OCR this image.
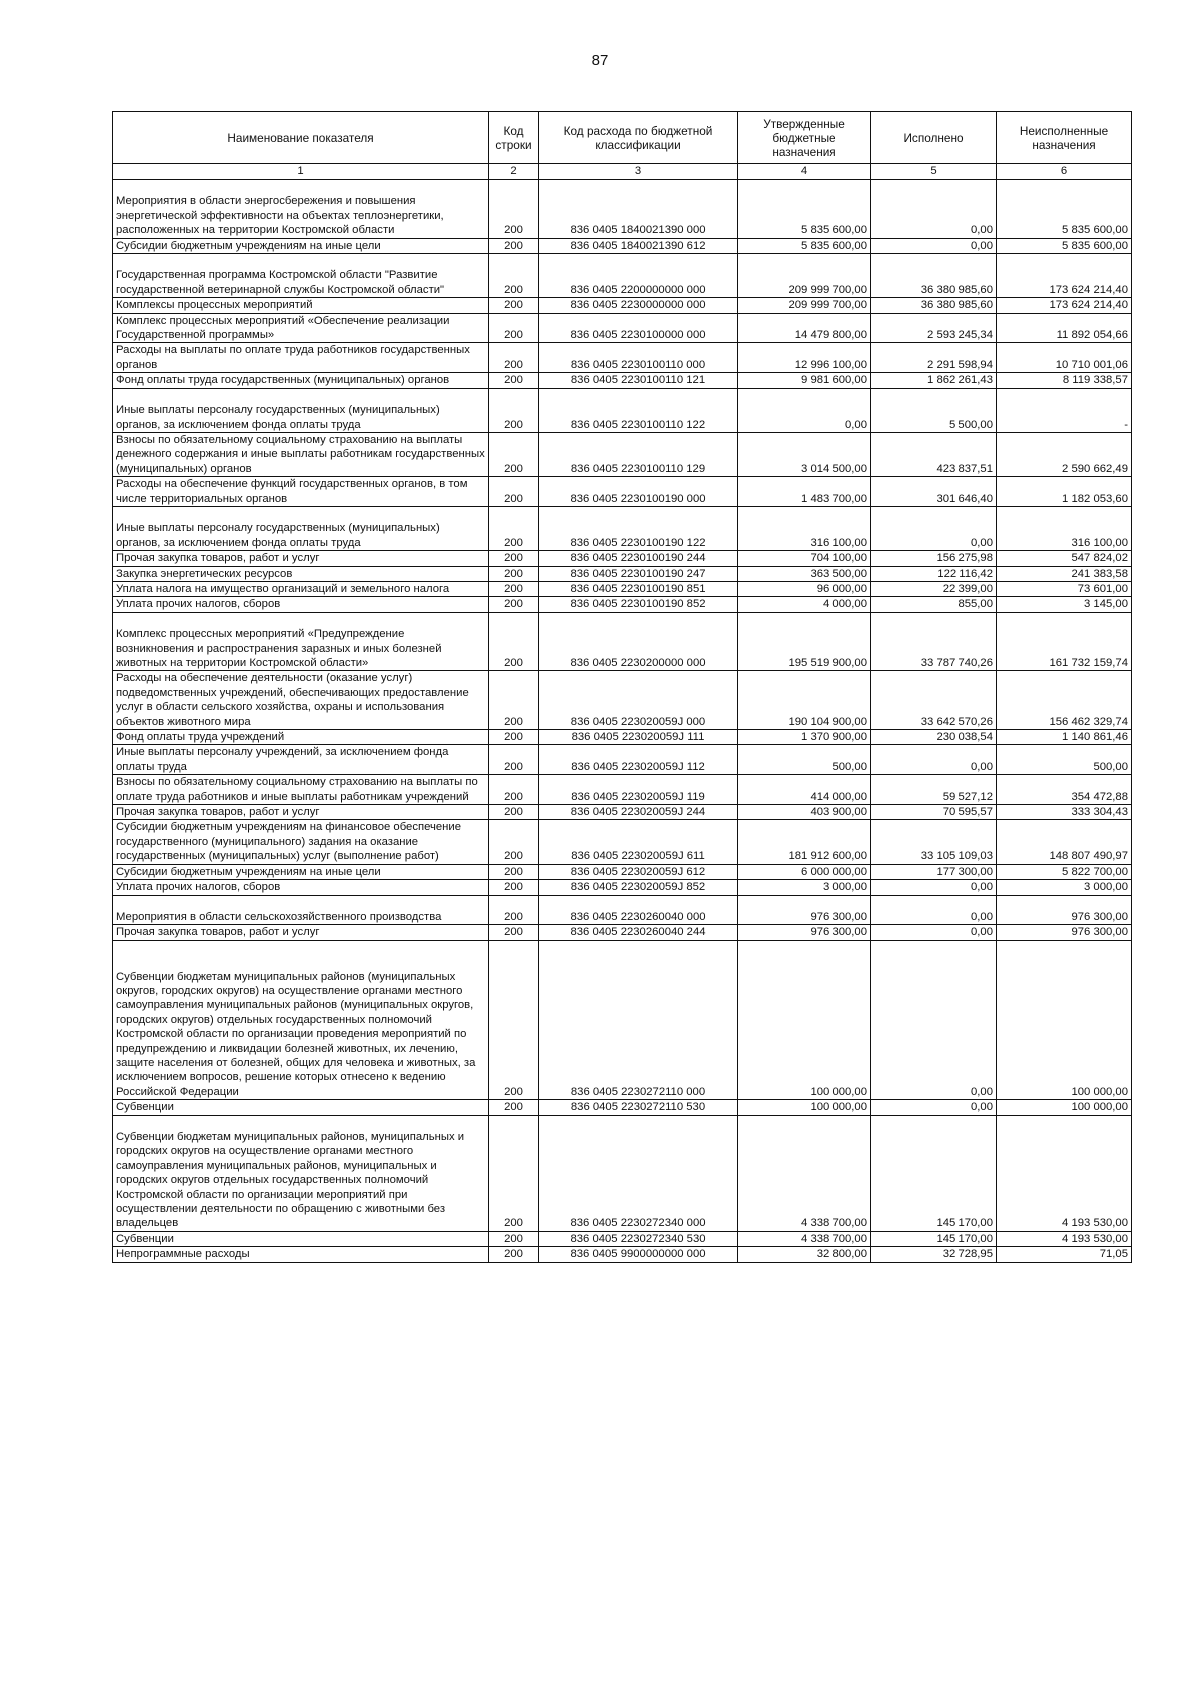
87
Наименование показателя	Код строки	Код расхода по бюджетной классификации	Утвержденные бюджетные назначения	Исполнено	Неисполненные назначения
1	2	3	4	5	6

Мероприятия в области энергосбережения и повышения энергетической эффективности на объектах теплоэнергетики, расположенных на территории Костромской области	200	836 0405 1840021390 000	5 835 600,00	0,00	5 835 600,00
Субсидии бюджетным учреждениям на иные цели	200	836 0405 1840021390 612	5 835 600,00	0,00	5 835 600,00

Государственная программа Костромской области "Развитие государственной ветеринарной службы Костромской области"	200	836 0405 2200000000 000	209 999 700,00	36 380 985,60	173 624 214,40
Комплексы процессных мероприятий	200	836 0405 2230000000 000	209 999 700,00	36 380 985,60	173 624 214,40
Комплекс процессных мероприятий «Обеспечение реализации Государственной программы»	200	836 0405 2230100000 000	14 479 800,00	2 593 245,34	11 892 054,66
Расходы на выплаты по оплате труда работников государственных органов	200	836 0405 2230100110 000	12 996 100,00	2 291 598,94	10 710 001,06
Фонд оплаты труда государственных (муниципальных) органов	200	836 0405 2230100110 121	9 981 600,00	1 862 261,43	8 119 338,57

Иные выплаты персоналу государственных (муниципальных) органов, за исключением фонда оплаты труда	200	836 0405 2230100110 122	0,00	5 500,00	-
Взносы по обязательному социальному страхованию на выплаты денежного содержания и иные выплаты работникам государственных (муниципальных) органов	200	836 0405 2230100110 129	3 014 500,00	423 837,51	2 590 662,49
Расходы на обеспечение функций государственных органов, в том числе территориальных органов	200	836 0405 2230100190 000	1 483 700,00	301 646,40	1 182 053,60

Иные выплаты персоналу государственных (муниципальных) органов, за исключением фонда оплаты труда	200	836 0405 2230100190 122	316 100,00	0,00	316 100,00
Прочая закупка товаров, работ и услуг	200	836 0405 2230100190 244	704 100,00	156 275,98	547 824,02
Закупка энергетических ресурсов	200	836 0405 2230100190 247	363 500,00	122 116,42	241 383,58
Уплата налога на имущество организаций и земельного налога	200	836 0405 2230100190 851	96 000,00	22 399,00	73 601,00
Уплата прочих налогов, сборов	200	836 0405 2230100190 852	4 000,00	855,00	3 145,00

Комплекс процессных мероприятий «Предупреждение возникновения и распространения заразных и иных болезней животных на территории Костромской области»	200	836 0405 2230200000 000	195 519 900,00	33 787 740,26	161 732 159,74
Расходы на обеспечение деятельности (оказание услуг) подведомственных учреждений, обеспечивающих предоставление услуг в области сельского хозяйства, охраны и использования объектов животного мира	200	836 0405 223020059J 000	190 104 900,00	33 642 570,26	156 462 329,74
Фонд оплаты труда учреждений	200	836 0405 223020059J 111	1 370 900,00	230 038,54	1 140 861,46
Иные выплаты персоналу учреждений, за исключением фонда оплаты труда	200	836 0405 223020059J 112	500,00	0,00	500,00
Взносы по обязательному социальному страхованию на выплаты по оплате труда работников и иные выплаты работникам учреждений	200	836 0405 223020059J 119	414 000,00	59 527,12	354 472,88
Прочая закупка товаров, работ и услуг	200	836 0405 223020059J 244	403 900,00	70 595,57	333 304,43
Субсидии бюджетным учреждениям на финансовое обеспечение государственного (муниципального) задания на оказание государственных (муниципальных) услуг (выполнение работ)	200	836 0405 223020059J 611	181 912 600,00	33 105 109,03	148 807 490,97
Субсидии бюджетным учреждениям на иные цели	200	836 0405 223020059J 612	6 000 000,00	177 300,00	5 822 700,00
Уплата прочих налогов, сборов	200	836 0405 223020059J 852	3 000,00	0,00	3 000,00

Мероприятия в области сельскохозяйственного производства	200	836 0405 2230260040 000	976 300,00	0,00	976 300,00
Прочая закупка товаров, работ и услуг	200	836 0405 2230260040 244	976 300,00	0,00	976 300,00

Субвенции бюджетам муниципальных районов (муниципальных округов, городских округов) на осуществление органами местного самоуправления муниципальных районов (муниципальных округов, городских округов) отдельных государственных полномочий Костромской области по организации проведения мероприятий по предупреждению и ликвидации болезней животных, их лечению, защите населения от болезней, общих для человека и животных, за исключением вопросов, решение которых отнесено к ведению Российской Федерации	200	836 0405 2230272110 000	100 000,00	0,00	100 000,00
Субвенции	200	836 0405 2230272110 530	100 000,00	0,00	100 000,00

Субвенции бюджетам муниципальных районов, муниципальных и городских округов на осуществление органами местного самоуправления муниципальных районов, муниципальных и городских округов отдельных государственных полномочий Костромской области по организации мероприятий при осуществлении деятельности по обращению с животными без владельцев	200	836 0405 2230272340 000	4 338 700,00	145 170,00	4 193 530,00
Субвенции	200	836 0405 2230272340 530	4 338 700,00	145 170,00	4 193 530,00
Непрограммные расходы	200	836 0405 9900000000 000	32 800,00	32 728,95	71,05
